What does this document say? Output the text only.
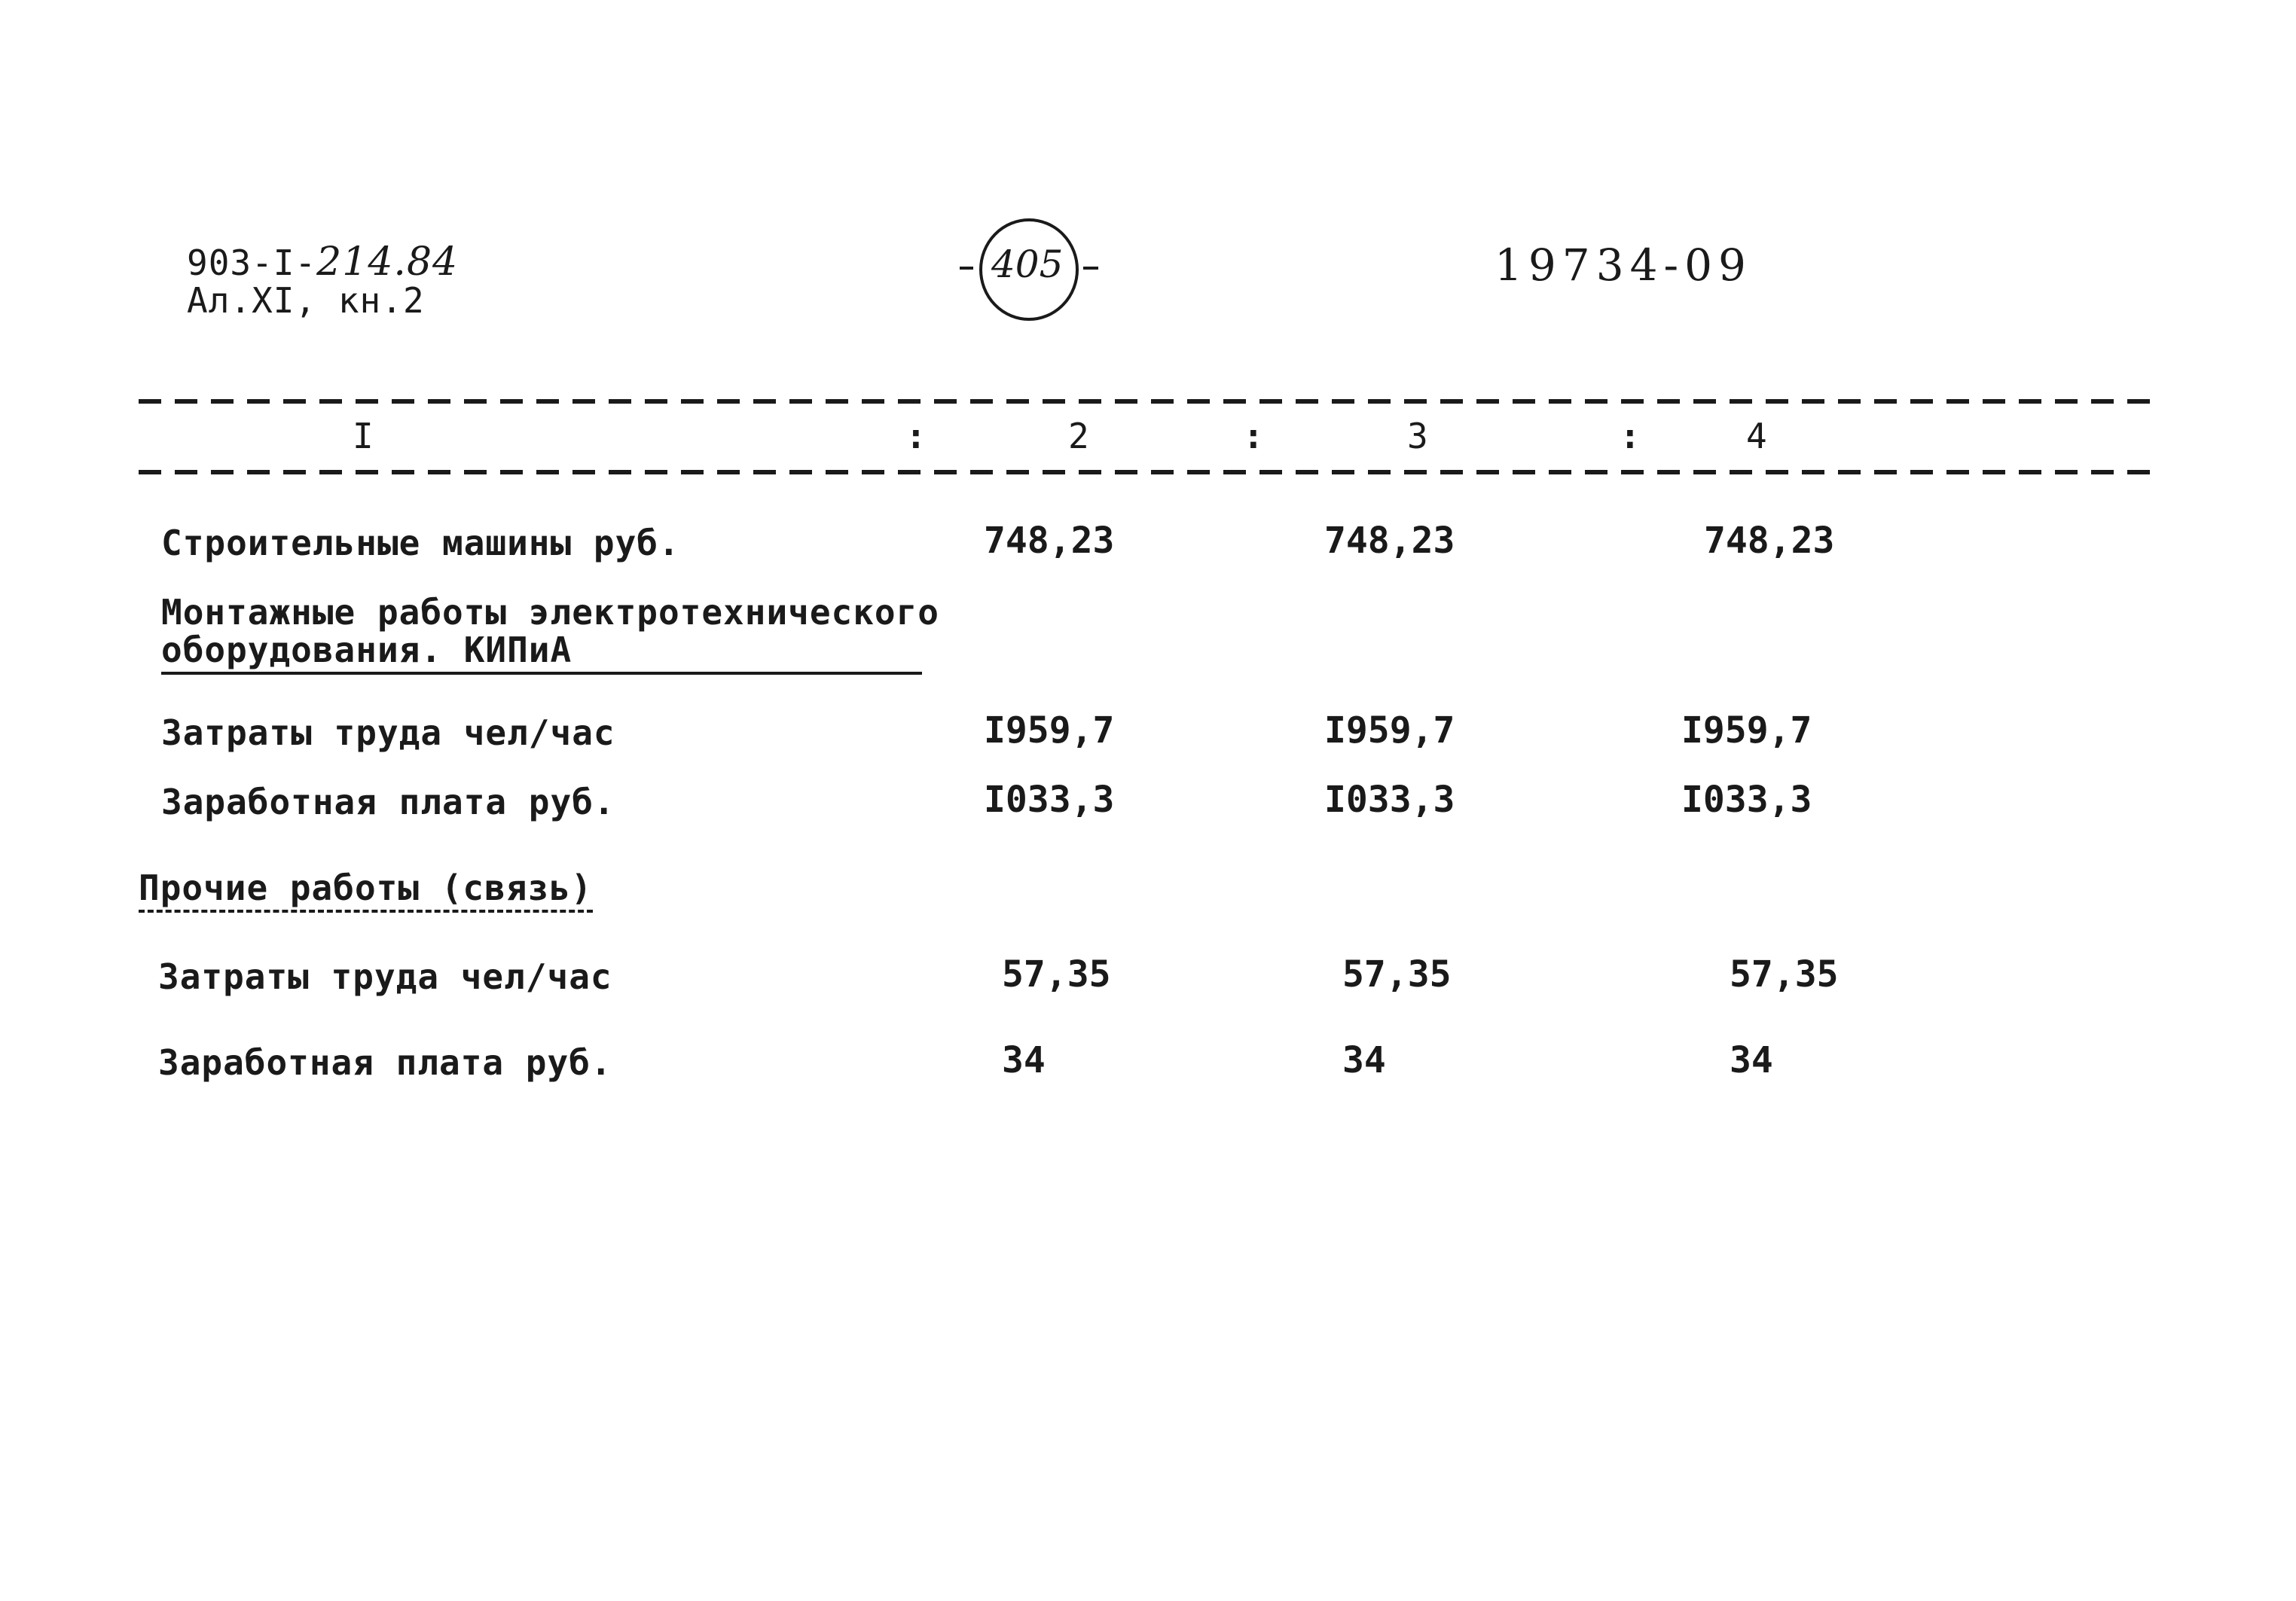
903-I-214.84
Ал.XI, кн.2
405	19734-09
I	:	2	:	3	:	4
Строительные машины руб.	748,23	748,23	748,23
Монтажные работы электротехнического
оборудования. КИПиА
Затраты труда чел/час	I959,7	I959,7	I959,7
Заработная плата руб.	I033,3	I033,3	I033,3
Прочие работы (связь)
Затраты труда чел/час	57,35	57,35	57,35
Заработная плата руб.	34	34	34
